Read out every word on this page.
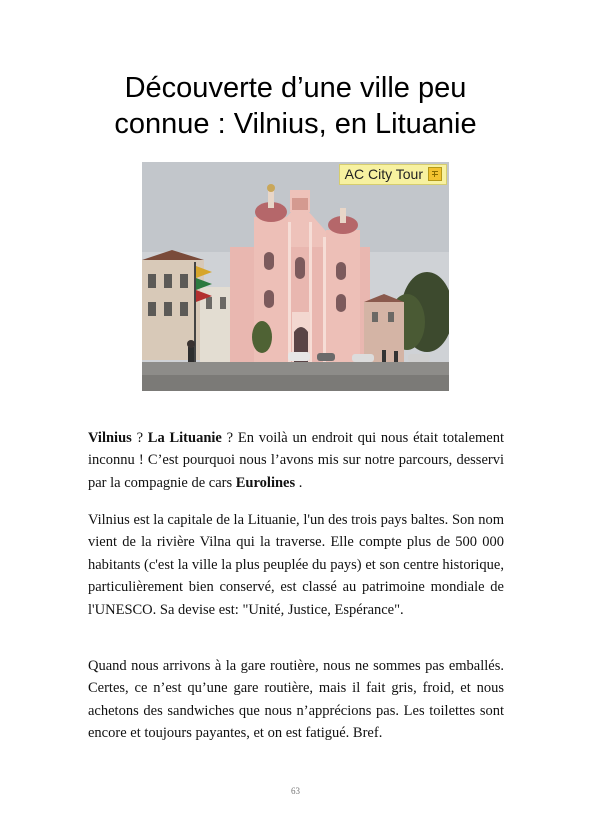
Découverte d’une ville peu
connue : Vilnius, en Lituanie
AC City Tour

Vilnius ? La Lituanie ? En voilà un endroit qui nous était totalement inconnu ! C’est pourquoi nous l’avons mis sur notre parcours, desservi par la compagnie de cars Eurolines .

Vilnius est la capitale de la Lituanie, l'un des trois pays baltes. Son nom vient de la rivière Vilna qui la traverse. Elle compte plus de 500 000 habitants (c'est la ville la plus peuplée du pays) et son centre historique, particulièrement bien conservé, est classé au patrimoine mondiale de l'UNESCO. Sa devise est: "Unité, Justice, Espérance".

Quand nous arrivons à la gare routière, nous ne sommes pas emballés. Certes, ce n’est qu’une gare routière, mais il fait gris, froid, et nous achetons des sandwiches que nous n’apprécions pas. Les toilettes sont encore et toujours payantes, et on est fatigué. Bref.

63
